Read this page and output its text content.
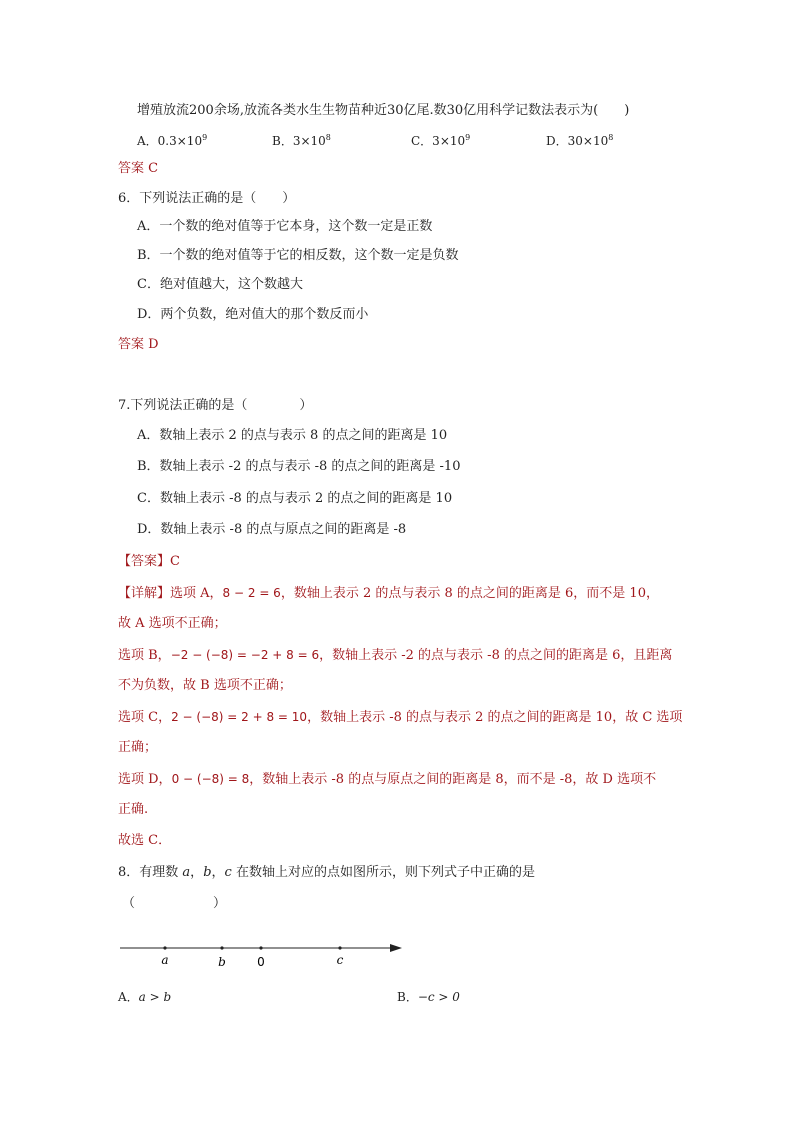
增殖放流200余场,放流各类水生生物苗种近30亿尾.数30亿用科学记数法表示为(　　)
A．$0.3\times 10^9$	B．$3\times 10^8$	C．$3\times 10^9$	D．$30\times 10^8$
答案 C
6．下列说法正确的是（　　）
A．一个数的绝对值等于它本身，这个数一定是正数
B．一个数的绝对值等于它的相反数，这个数一定是负数
C．绝对值越大，这个数越大
D．两个负数，绝对值大的那个数反而小
答案 D
7.下列说法正确的是（　　　　）
A．数轴上表示 2 的点与表示 8 的点之间的距离是 10
B．数轴上表示 -2 的点与表示 -8 的点之间的距离是 -10
C．数轴上表示 -8 的点与表示 2 的点之间的距离是 10
D．数轴上表示 -8 的点与原点之间的距离是 -8
【答案】C
【详解】选项 A，8 − 2 = 6，数轴上表示 2 的点与表示 8 的点之间的距离是 6，而不是 10，
故 A 选项不正确；
选项 B，−2 − (−8) = −2 + 8 = 6，数轴上表示 -2 的点与表示 -8 的点之间的距离是 6，且距离
不为负数，故 B 选项不正确；
选项 C，2 − (−8) = 2 + 8 = 10，数轴上表示 -8 的点与表示 2 的点之间的距离是 10，故 C 选项
正确；
选项 D，0 − (−8) = 8，数轴上表示 -8 的点与原点之间的距离是 8，而不是 -8，故 D 选项不
正确.
故选 C．
8．有理数 a，b，c 在数轴上对应的点如图所示，则下列式子中正确的是
（　　　　　　）
a	b	0	c
A．a > b	B．−c > 0
